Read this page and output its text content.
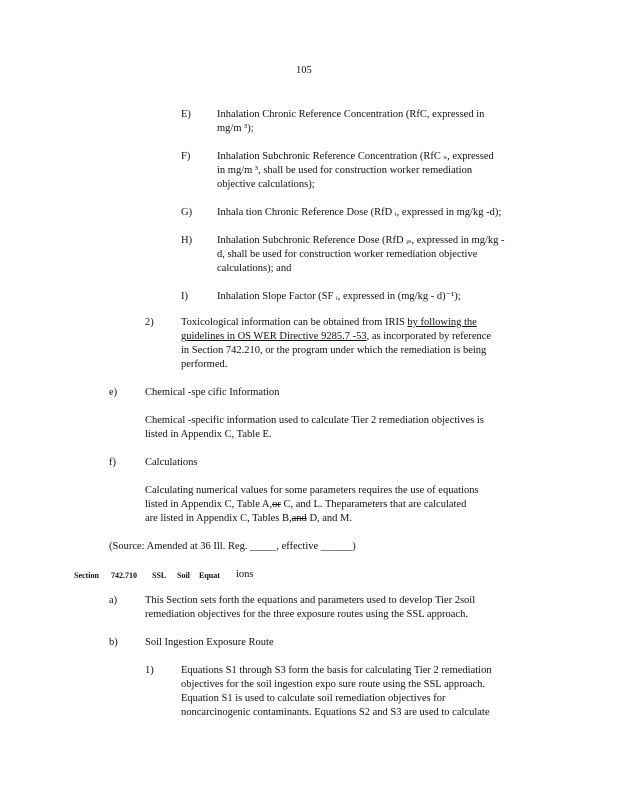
105
E) Inhalation Chronic Reference Concentration (RfC, expressed in
mg/m ³);
F)	Inhalation Subchronic Reference Concentration (RfC ₛ, expressed
in mg/m ³, shall be used for construction worker remediation
objective calculations);
G) Inhala tion Chronic Reference Dose (RfD ᵢ, expressed in mg/kg -d);
H) Inhalation Subchronic Reference Dose (RfD ᵢₛ, expressed in mg/kg -
d, shall be used for construction worker remediation objective
calculations); and
I)	Inhalation Slope Factor (SF ᵢ, expressed in (mg/kg - d)⁻¹);
2)	Toxicological information can be obtained from IRIS by following the
guidelines in OS WER Directive 9285.7 -53, as incorporated by reference
in Section 742.210, or the program under which the remediation is being
performed.
e)	Chemical -spe cific Information
Chemical -specific information used to calculate Tier 2 remediation objectives is
listed in Appendix C, Table E.
f)	Calculations
Calculating numerical values for some parameters requires the use of equations
listed in Appendix C, Table A,or C, and L. Theparameters that are calculated
are listed in Appendix C, Tables B,and D, and M.
(Source: Amended at 36 Ill. Reg. _____, effective ______)
Section 742.710 SSL Soil Equat ions
a)	This Section sets forth the equations and parameters used to develop Tier 2soil
remediation objectives for the three exposure routes using the SSL approach.
b)	Soil Ingestion Exposure Route
1)	Equations S1 through S3 form the basis for calculating Tier 2 remediation
objectives for the soil ingestion expo sure route using the SSL approach.
Equation S1 is used to calculate soil remediation objectives for
noncarcinogenic contaminants. Equations S2 and S3 are used to calculate
